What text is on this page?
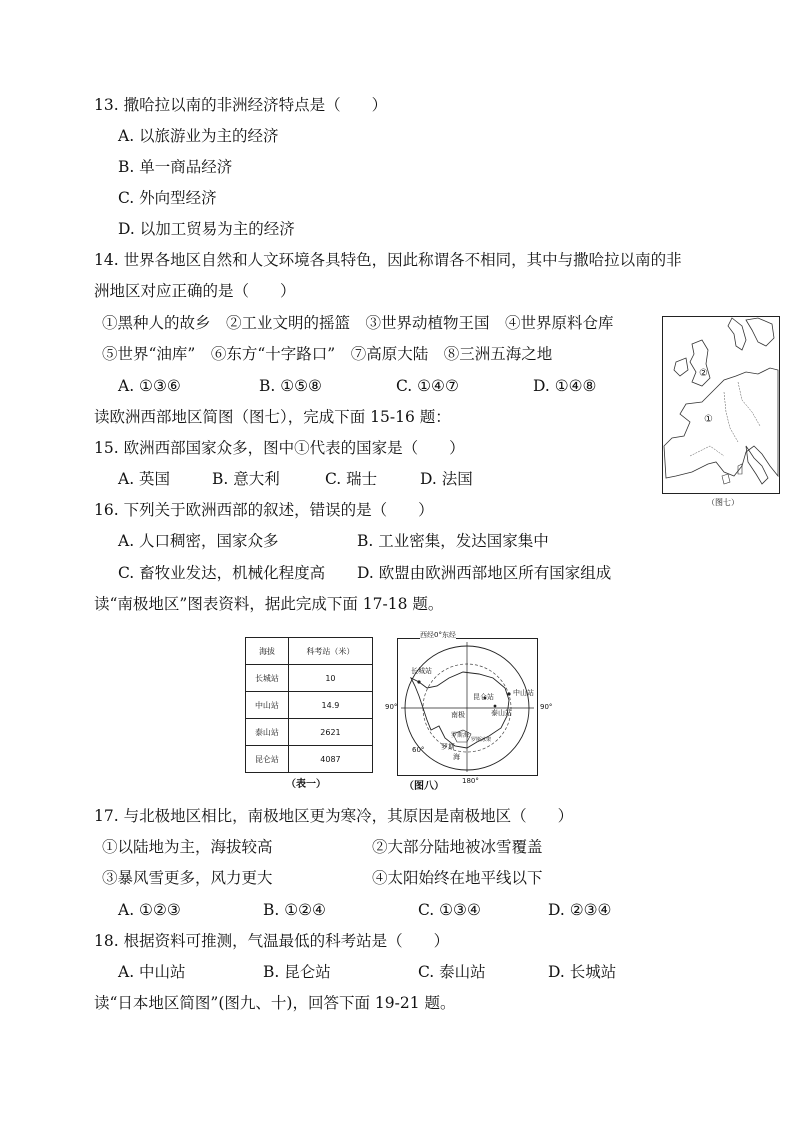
13. 撒哈拉以南的非洲经济特点是（　　）
A. 以旅游业为主的经济
B. 单一商品经济
C. 外向型经济
D. 以加工贸易为主的经济
14. 世界各地区自然和人文环境各具特色，因此称谓各不相同，其中与撒哈拉以南的非
洲地区对应正确的是（　　）
①黑种人的故乡　②工业文明的摇篮　③世界动植物王国　④世界原料仓库
⑤世界“油库”　⑥东方“十字路口”　⑦高原大陆　⑧三洲五海之地
A. ①③⑥	B. ①⑤⑧	C. ①④⑦	D. ①④⑧
读欧洲西部地区简图（图七），完成下面 15-16 题：
15. 欧洲西部国家众多，图中①代表的国家是（　　）
A. 英国	B. 意大利	C. 瑞士	D. 法国
16. 下列关于欧洲西部的叙述，错误的是（　　）
A. 人口稠密，国家众多	B. 工业密集，发达国家集中
C. 畜牧业发达，机械化程度高 D. 欧盟由欧洲西部地区所有国家组成
读“南极地区”图表资料，据此完成下面 17-18 题。
②
①
（图七）
海拔	科考站（米）
长城站	10
中山站	14.9
泰山站	2621
昆仑站	4087
（表一）
长城站
中山站
昆仑站
泰山站
南极
罗斯海
罗斯冰架
罗斯
海
西经0°东经
90°	90°
60°
180°
（图八）
17. 与北极地区相比，南极地区更为寒冷，其原因是南极地区（　　）
①以陆地为主，海拔较高	②大部分陆地被冰雪覆盖
③暴风雪更多，风力更大	④太阳始终在地平线以下
A. ①②③	B. ①②④	C. ①③④	D. ②③④
18. 根据资料可推测，气温最低的科考站是（　　）
A. 中山站	B. 昆仑站	C. 泰山站	D. 长城站
读“日本地区简图”(图九、十)，回答下面 19-21 题。
